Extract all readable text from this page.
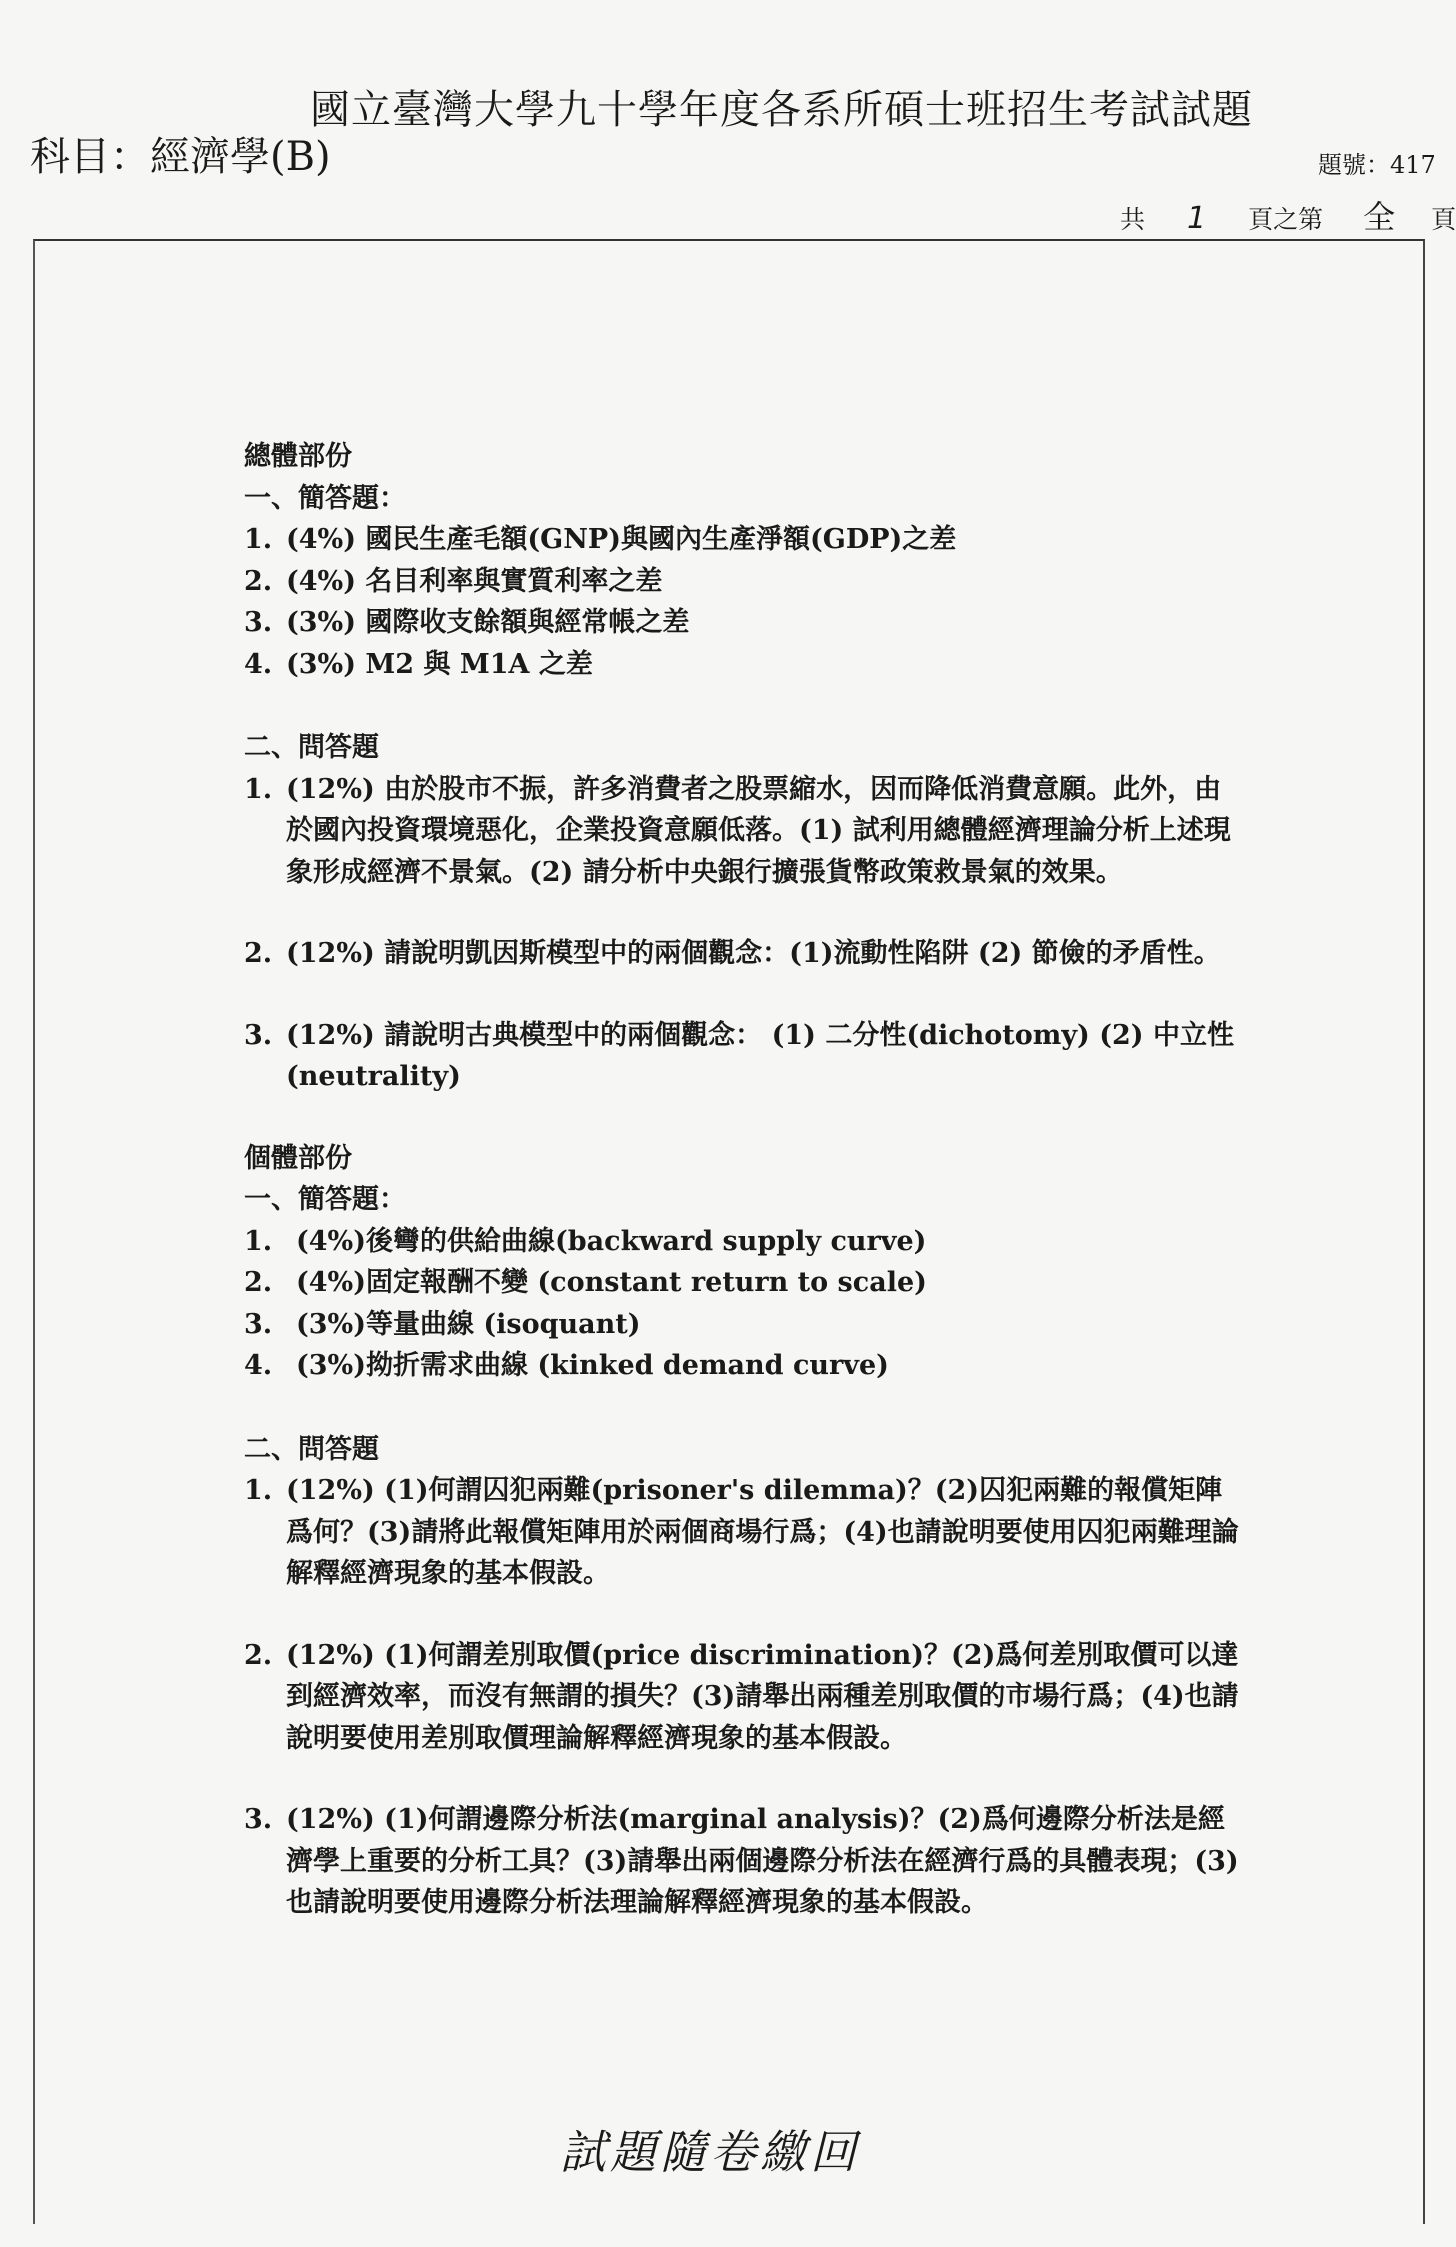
國立臺灣大學九十學年度各系所碩士班招生考試試題
科目：經濟學(B)	題號：417
共 1 頁之第 全 頁
總體部份
一、簡答題：
1. (4%) 國民生產毛額(GNP)與國內生產淨額(GDP)之差
2. (4%) 名目利率與實質利率之差
3. (3%) 國際收支餘額與經常帳之差
4. (3%) M2 與 M1A 之差
二、問答題
1. (12%) 由於股市不振，許多消費者之股票縮水，因而降低消費意願。此外，由於國內投資環境惡化，企業投資意願低落。(1) 試利用總體經濟理論分析上述現象形成經濟不景氣。(2) 請分析中央銀行擴張貨幣政策救景氣的效果。
2. (12%) 請說明凱因斯模型中的兩個觀念：(1)流動性陷阱 (2) 節儉的矛盾性。
3. (12%) 請說明古典模型中的兩個觀念： (1) 二分性(dichotomy) (2) 中立性 (neutrality)
個體部份
一、簡答題：
1. (4%)後彎的供給曲線(backward supply curve)
2. (4%)固定報酬不變 (constant return to scale)
3. (3%)等量曲線 (isoquant)
4. (3%)拗折需求曲線 (kinked demand curve)
二、問答題
1. (12%) (1)何謂囚犯兩難(prisoner's dilemma)？(2)囚犯兩難的報償矩陣爲何？(3)請將此報償矩陣用於兩個商場行爲；(4)也請說明要使用囚犯兩難理論解釋經濟現象的基本假設。
2. (12%) (1)何謂差別取價(price discrimination)？(2)爲何差別取價可以達到經濟效率，而沒有無謂的損失？(3)請舉出兩種差別取價的市場行爲；(4)也請說明要使用差別取價理論解釋經濟現象的基本假設。
3. (12%) (1)何謂邊際分析法(marginal analysis)？(2)爲何邊際分析法是經濟學上重要的分析工具？(3)請舉出兩個邊際分析法在經濟行爲的具體表現；(3)也請說明要使用邊際分析法理論解釋經濟現象的基本假設。
試題隨卷繳回
